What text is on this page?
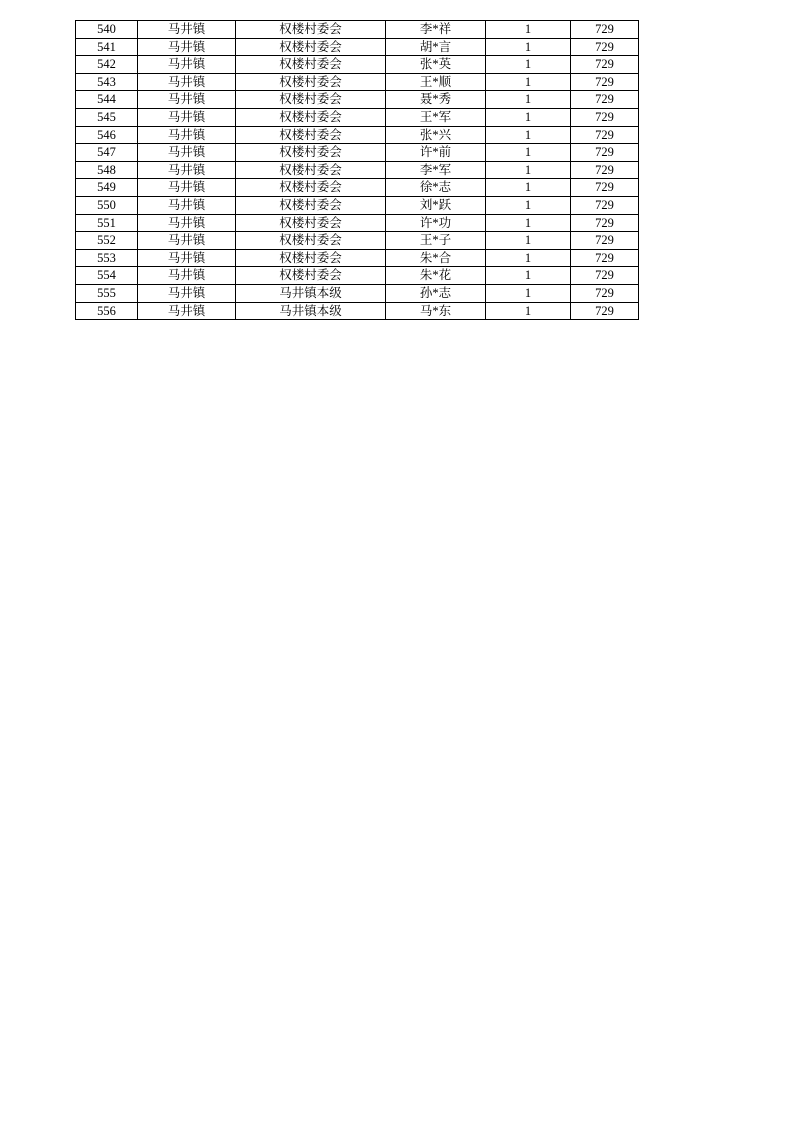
540	马井镇	权楼村委会	李*祥	1	729
541	马井镇	权楼村委会	胡*言	1	729
542	马井镇	权楼村委会	张*英	1	729
543	马井镇	权楼村委会	王*顺	1	729
544	马井镇	权楼村委会	聂*秀	1	729
545	马井镇	权楼村委会	王*军	1	729
546	马井镇	权楼村委会	张*兴	1	729
547	马井镇	权楼村委会	许*前	1	729
548	马井镇	权楼村委会	李*军	1	729
549	马井镇	权楼村委会	徐*志	1	729
550	马井镇	权楼村委会	刘*跃	1	729
551	马井镇	权楼村委会	许*功	1	729
552	马井镇	权楼村委会	王*子	1	729
553	马井镇	权楼村委会	朱*合	1	729
554	马井镇	权楼村委会	朱*花	1	729
555	马井镇	马井镇本级	孙*志	1	729
556	马井镇	马井镇本级	马*东	1	729
